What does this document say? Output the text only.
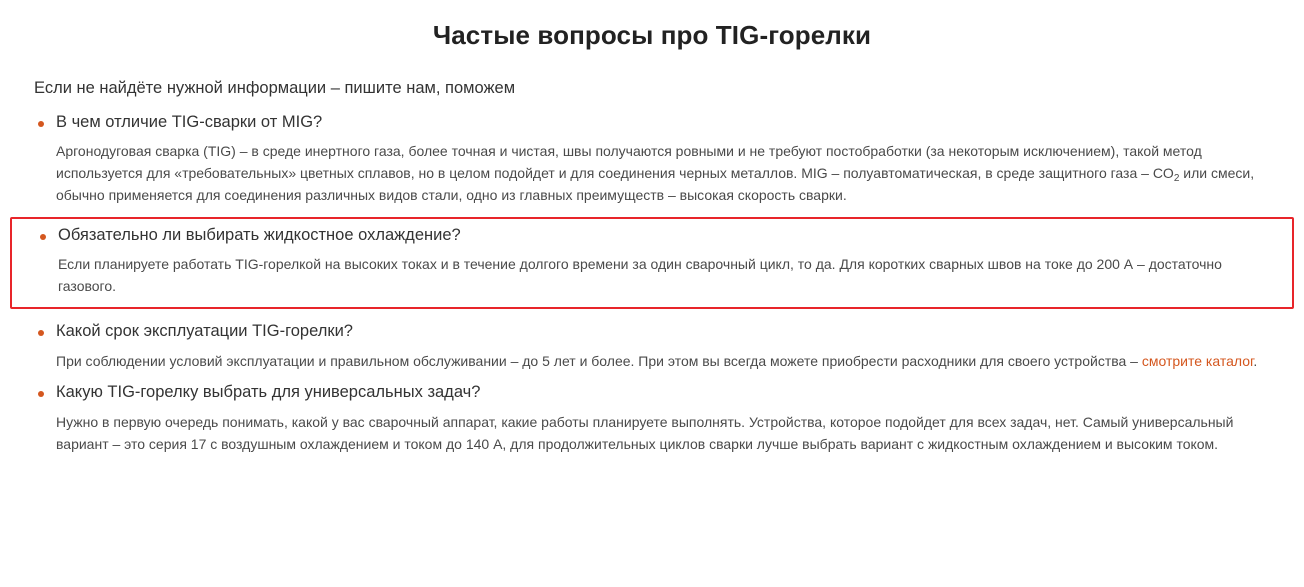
Частые вопросы про TIG-горелки

Если не найдёте нужной информации – пишите нам, поможем

В чем отличие TIG-сварки от MIG?

Аргонодуговая сварка (TIG) – в среде инертного газа, более точная и чистая, швы получаются ровными и не требуют постобработки (за некоторым исключением), такой метод используется для «требовательных» цветных сплавов, но в целом подойдет и для соединения черных металлов. MIG – полуавтоматическая, в среде защитного газа – $CO_2$ или смеси, обычно применяется для соединения различных видов стали, одно из главных преимуществ – высокая скорость сварки.

Обязательно ли выбирать жидкостное охлаждение?

Если планируете работать TIG-горелкой на высоких токах и в течение долгого времени за один сварочный цикл, то да. Для коротких сварных швов на токе до 200 А – достаточно газового.

Какой срок эксплуатации TIG-горелки?

При соблюдении условий эксплуатации и правильном обслуживании – до 5 лет и более. При этом вы всегда можете приобрести расходники для своего устройства – смотрите каталог.

Какую TIG-горелку выбрать для универсальных задач?

Нужно в первую очередь понимать, какой у вас сварочный аппарат, какие работы планируете выполнять. Устройства, которое подойдет для всех задач, нет. Самый универсальный вариант – это серия 17 с воздушным охлаждением и током до 140 А, для продолжительных циклов сварки лучше выбрать вариант с жидкостным охлаждением и высоким током.
